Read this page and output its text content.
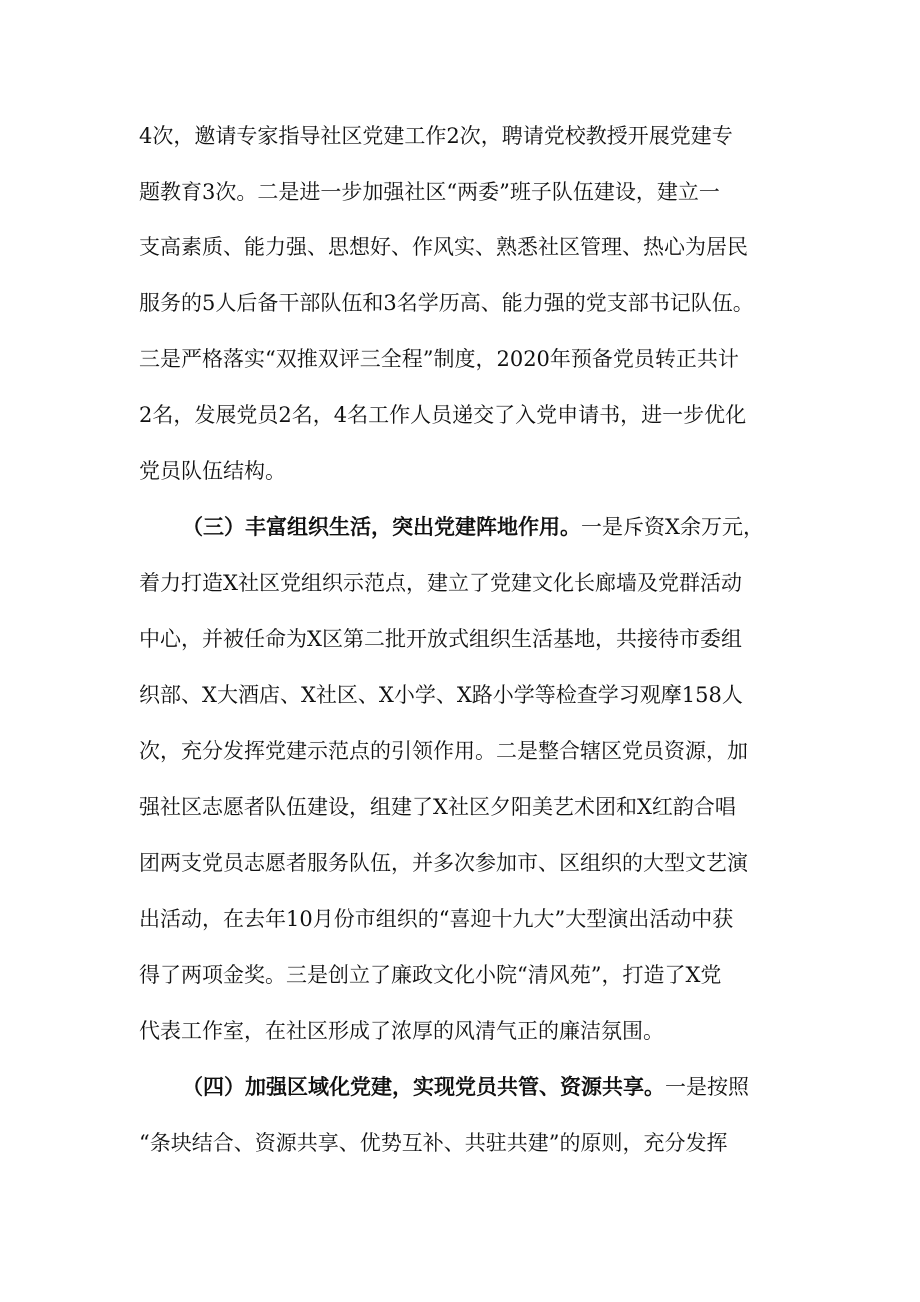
4次，邀请专家指导社区党建工作2次，聘请党校教授开展党建专

题教育3次。二是进一步加强社区“两委”班子队伍建设，建立一

支高素质、能力强、思想好、作风实、熟悉社区管理、热心为居民

服务的5人后备干部队伍和3名学历高、能力强的党支部书记队伍。

三是严格落实“双推双评三全程”制度，2020年预备党员转正共计

2名，发展党员2名，4名工作人员递交了入党申请书，进一步优化

党员队伍结构。

（三）丰富组织生活，突出党建阵地作用。一是斥资X余万元，

着力打造X社区党组织示范点，建立了党建文化长廊墙及党群活动

中心，并被任命为X区第二批开放式组织生活基地，共接待市委组

织部、X大酒店、X社区、X小学、X路小学等检查学习观摩158人

次，充分发挥党建示范点的引领作用。二是整合辖区党员资源，加

强社区志愿者队伍建设，组建了X社区夕阳美艺术团和X红韵合唱

团两支党员志愿者服务队伍，并多次参加市、区组织的大型文艺演

出活动，在去年10月份市组织的“喜迎十九大”大型演出活动中获

得了两项金奖。三是创立了廉政文化小院“清风苑”，打造了X党

代表工作室，在社区形成了浓厚的风清气正的廉洁氛围。

（四）加强区域化党建，实现党员共管、资源共享。一是按照

“条块结合、资源共享、优势互补、共驻共建”的原则，充分发挥
